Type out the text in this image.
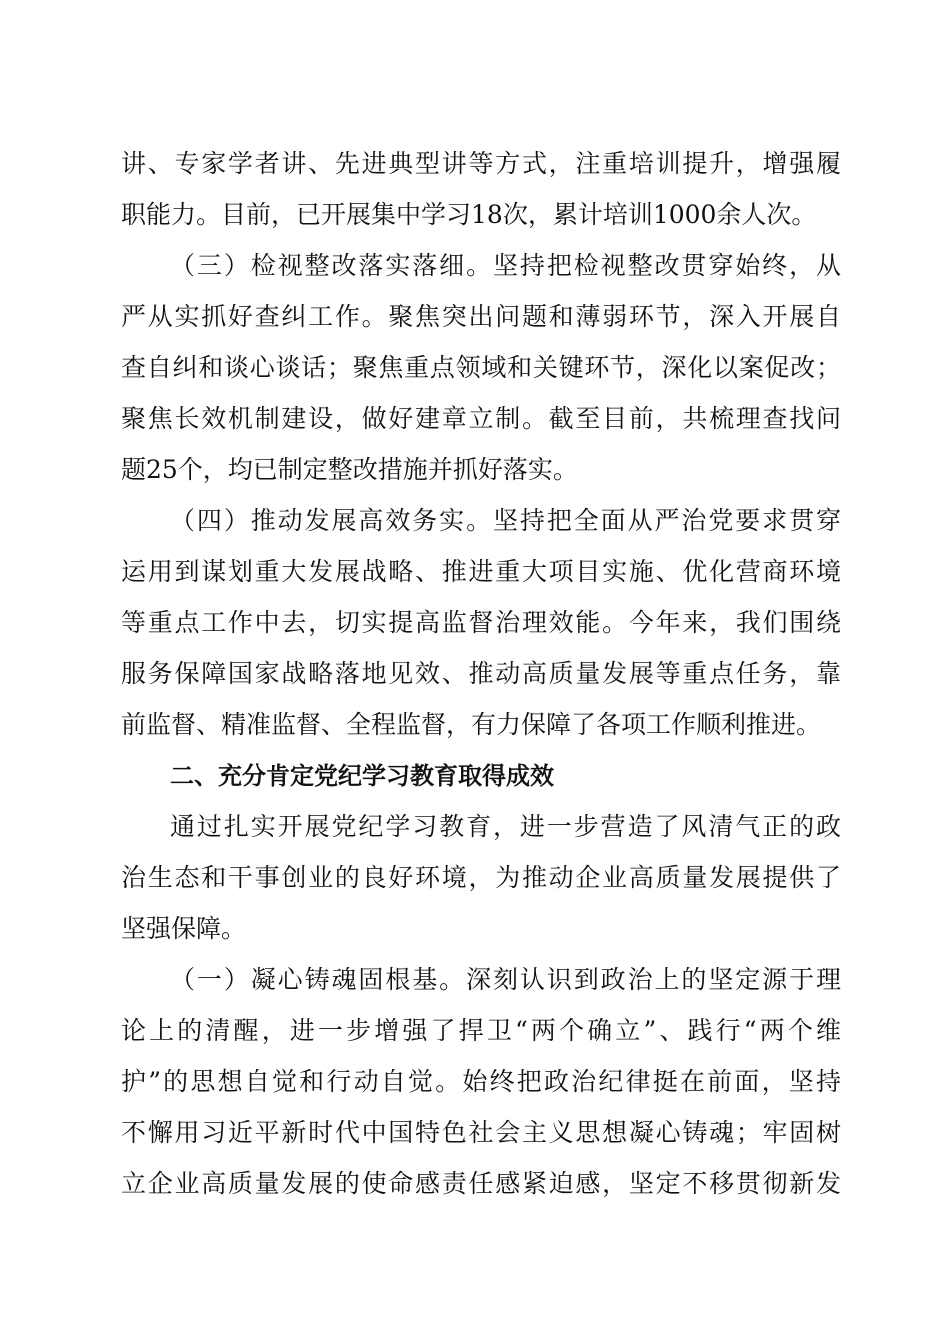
讲、专家学者讲、先进典型讲等方式，注重培训提升，增强履
职能力。目前，已开展集中学习18次，累计培训1000余人次。
（三）检视整改落实落细。坚持把检视整改贯穿始终，从
严从实抓好查纠工作。聚焦突出问题和薄弱环节，深入开展自
查自纠和谈心谈话；聚焦重点领域和关键环节，深化以案促改；
聚焦长效机制建设，做好建章立制。截至目前，共梳理查找问
题25个，均已制定整改措施并抓好落实。
（四）推动发展高效务实。坚持把全面从严治党要求贯穿
运用到谋划重大发展战略、推进重大项目实施、优化营商环境
等重点工作中去，切实提高监督治理效能。今年来，我们围绕
服务保障国家战略落地见效、推动高质量发展等重点任务，靠
前监督、精准监督、全程监督，有力保障了各项工作顺利推进。
二、充分肯定党纪学习教育取得成效
通过扎实开展党纪学习教育，进一步营造了风清气正的政
治生态和干事创业的良好环境，为推动企业高质量发展提供了
坚强保障。
（一）凝心铸魂固根基。深刻认识到政治上的坚定源于理
论上的清醒，进一步增强了捍卫“两个确立”、践行“两个维
护”的思想自觉和行动自觉。始终把政治纪律挺在前面，坚持
不懈用习近平新时代中国特色社会主义思想凝心铸魂；牢固树
立企业高质量发展的使命感责任感紧迫感，坚定不移贯彻新发
